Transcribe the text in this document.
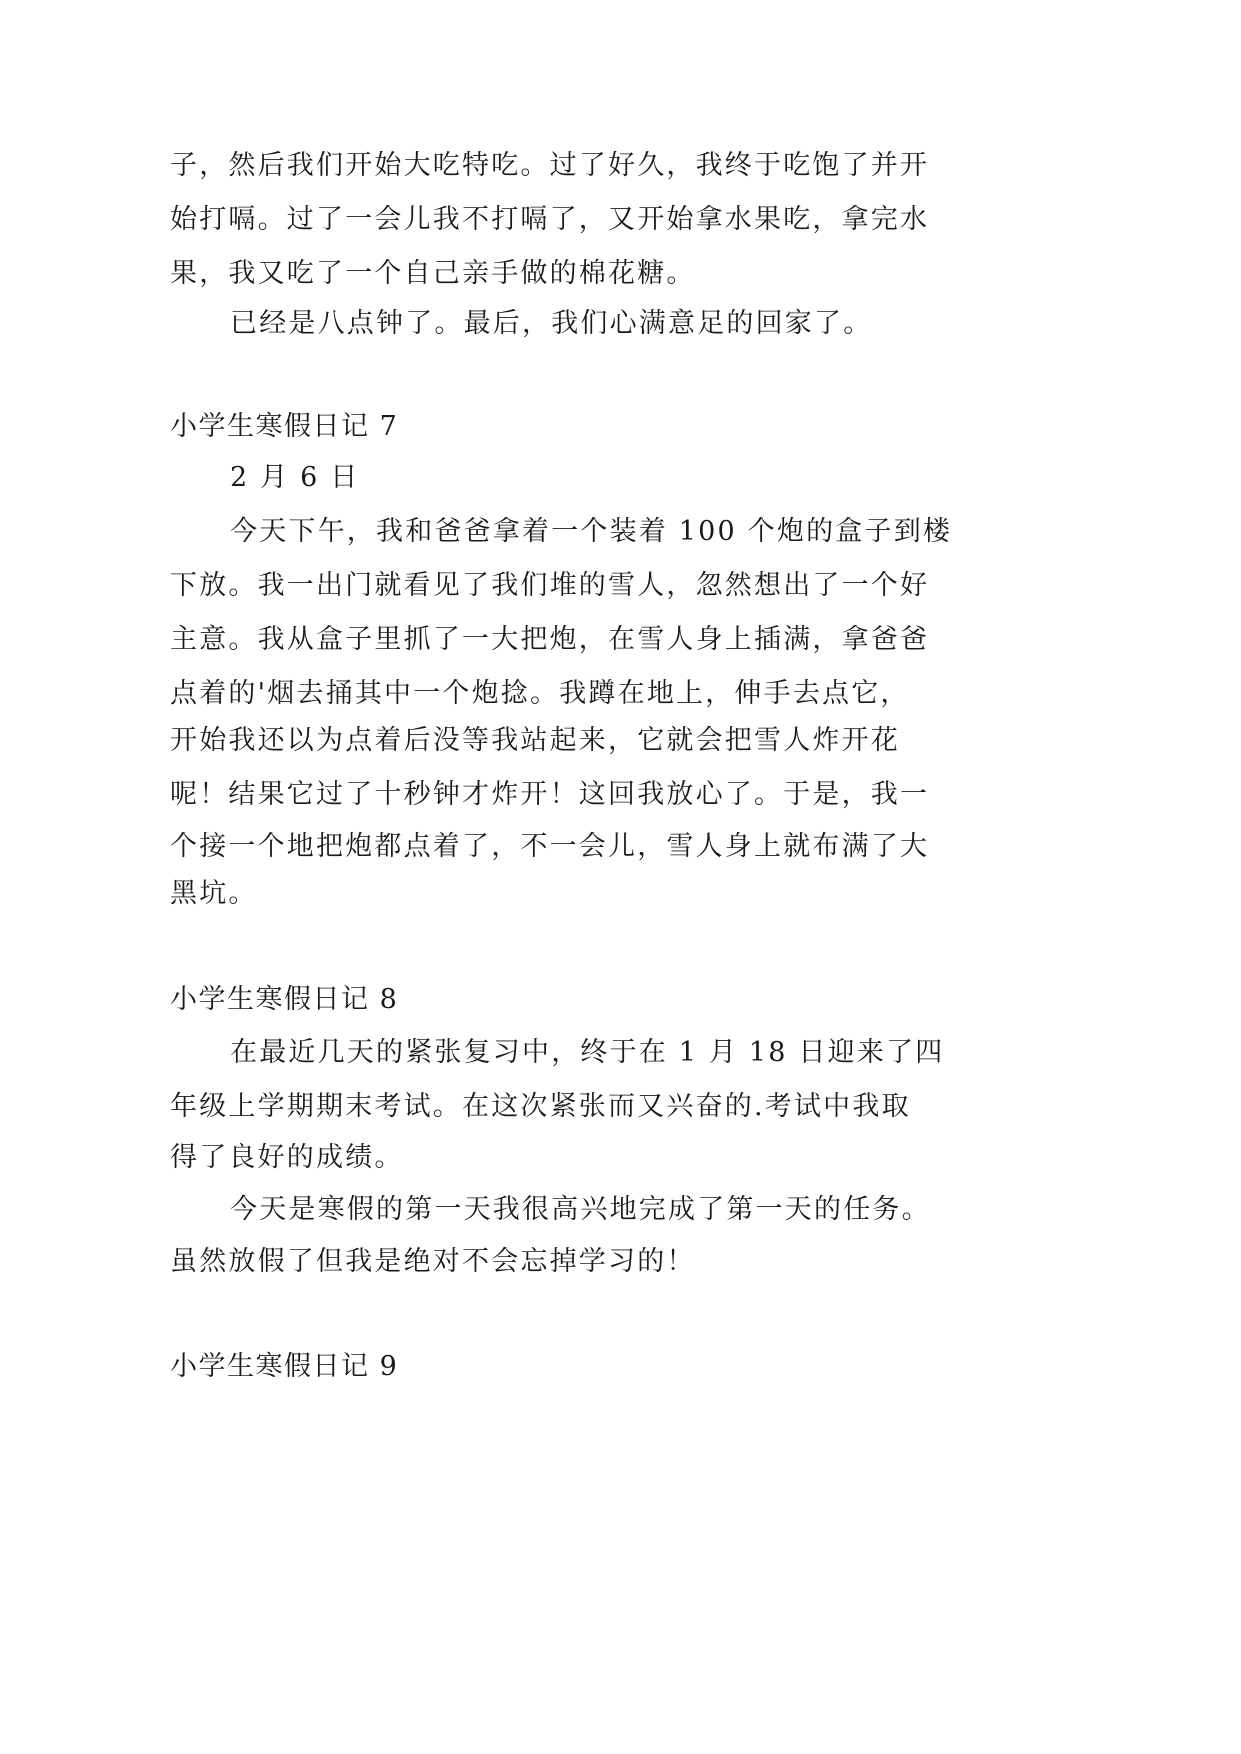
子，然后我们开始大吃特吃。过了好久，我终于吃饱了并开
始打嗝。过了一会儿我不打嗝了，又开始拿水果吃，拿完水
果，我又吃了一个自己亲手做的棉花糖。
已经是八点钟了。最后，我们心满意足的回家了。
小学生寒假日记 7
2 月 6 日
今天下午，我和爸爸拿着一个装着 100 个炮的盒子到楼
下放。我一出门就看见了我们堆的雪人，忽然想出了一个好
主意。我从盒子里抓了一大把炮，在雪人身上插满，拿爸爸
点着的'烟去捅其中一个炮捻。我蹲在地上，伸手去点它，
开始我还以为点着后没等我站起来，它就会把雪人炸开花
呢！结果它过了十秒钟才炸开！这回我放心了。于是，我一
个接一个地把炮都点着了，不一会儿，雪人身上就布满了大
黑坑。
小学生寒假日记 8
在最近几天的紧张复习中，终于在 1 月 18 日迎来了四
年级上学期期末考试。在这次紧张而又兴奋的.考试中我取
得了良好的成绩。
今天是寒假的第一天我很高兴地完成了第一天的任务。
虽然放假了但我是绝对不会忘掉学习的！
小学生寒假日记 9
